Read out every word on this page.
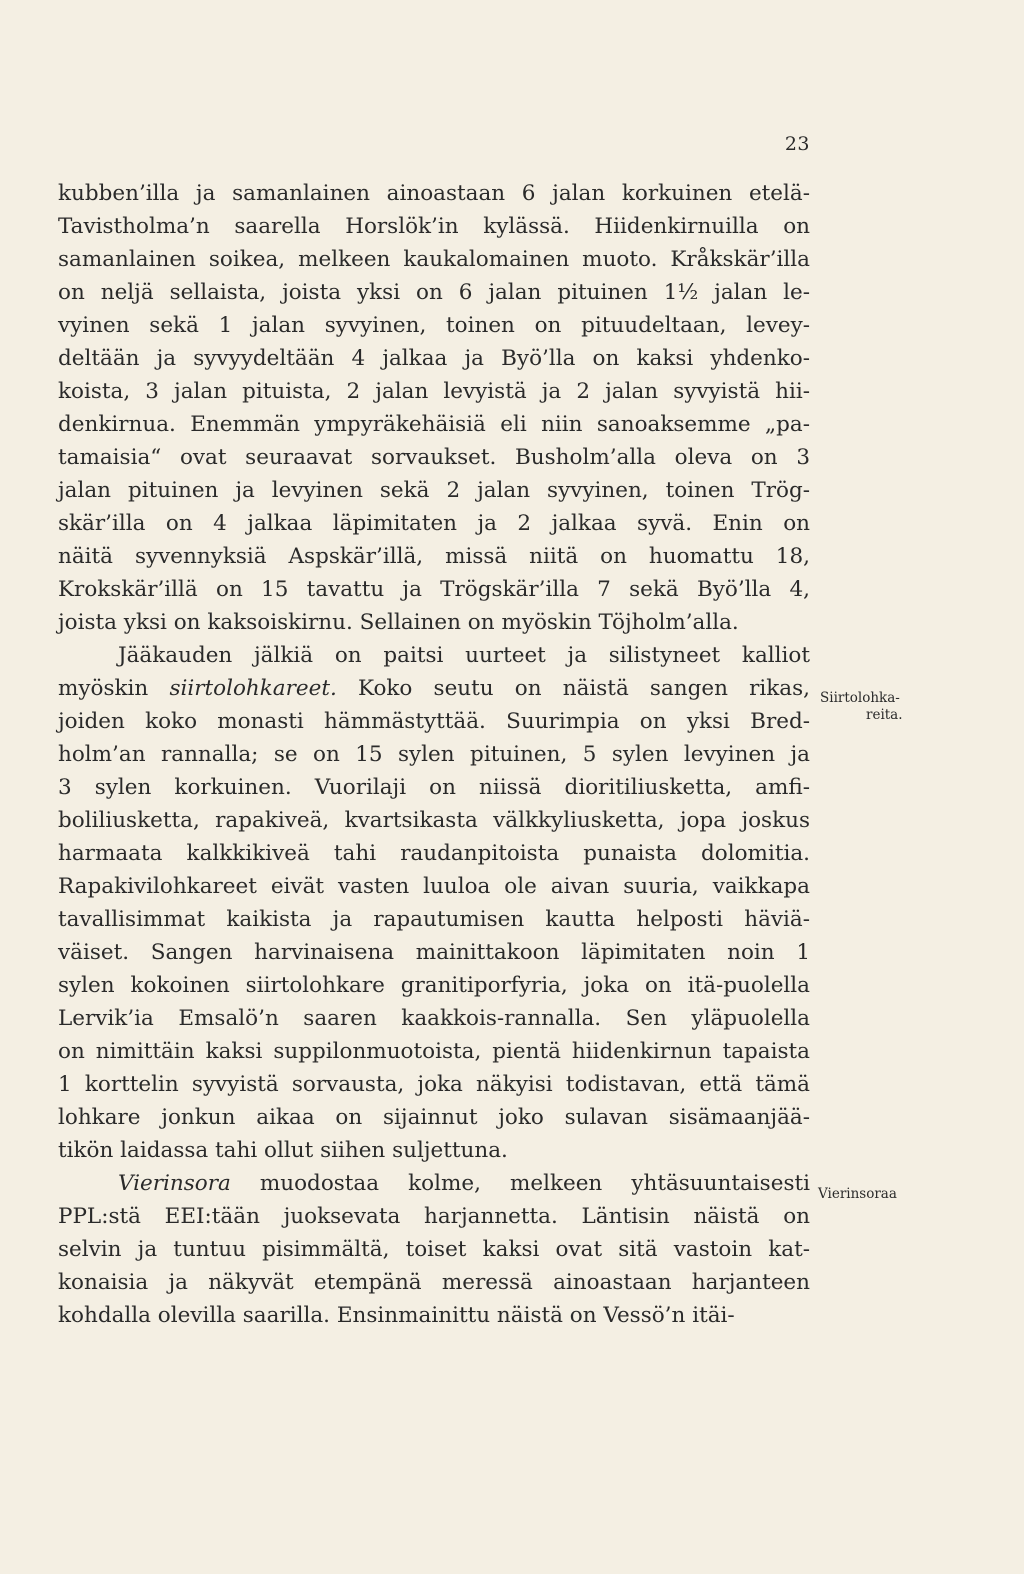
23
kubben’illa ja samanlainen ainoastaan 6 jalan korkuinen etelä-
Tavistholma’n saarella Horslök’in kylässä. Hiidenkirnuilla on
samanlainen soikea, melkeen kaukalomainen muoto. Kråkskär’illa
on neljä sellaista, joista yksi on 6 jalan pituinen 1½ jalan le-
vyinen sekä 1 jalan syvyinen, toinen on pituudeltaan, levey-
deltään ja syvyydeltään 4 jalkaa ja Byö’lla on kaksi yhdenko-
koista, 3 jalan pituista, 2 jalan levyistä ja 2 jalan syvyistä hii-
denkirnua. Enemmän ympyräkehäisiä eli niin sanoaksemme „pa-
tamaisia“ ovat seuraavat sorvaukset. Busholm’alla oleva on 3
jalan pituinen ja levyinen sekä 2 jalan syvyinen, toinen Trög-
skär’illa on 4 jalkaa läpimitaten ja 2 jalkaa syvä. Enin on
näitä syvennyksiä Aspskär’illä, missä niitä on huomattu 18,
Krokskär’illä on 15 tavattu ja Trögskär’illa 7 sekä Byö’lla 4,
joista yksi on kaksoiskirnu. Sellainen on myöskin Töjholm’alla.
Jääkauden jälkiä on paitsi uurteet ja silistyneet kalliot
myöskin siirtolohkareet. Koko seutu on näistä sangen rikas,
joiden koko monasti hämmästyttää. Suurimpia on yksi Bred-
holm’an rannalla; se on 15 sylen pituinen, 5 sylen levyinen ja
3 sylen korkuinen. Vuorilaji on niissä dioritiliusketta, amfi-
boliliusketta, rapakiveä, kvartsikasta välkkyliusketta, jopa joskus
harmaata kalkkikiveä tahi raudanpitoista punaista dolomitia.
Rapakivilohkareet eivät vasten luuloa ole aivan suuria, vaikkapa
tavallisimmat kaikista ja rapautumisen kautta helposti häviä-
väiset. Sangen harvinaisena mainittakoon läpimitaten noin 1
sylen kokoinen siirtolohkare granitiporfyria, joka on itä-puolella
Lervik’ia Emsalö’n saaren kaakkois-rannalla. Sen yläpuolella
on nimittäin kaksi suppilonmuotoista, pientä hiidenkirnun tapaista
1 korttelin syvyistä sorvausta, joka näkyisi todistavan, että tämä
lohkare jonkun aikaa on sijainnut joko sulavan sisämaanjää-
tikön laidassa tahi ollut siihen suljettuna.
Vierinsora muodostaa kolme, melkeen yhtäsuuntaisesti
PPL:stä EEI:tään juoksevata harjannetta. Läntisin näistä on
selvin ja tuntuu pisimmältä, toiset kaksi ovat sitä vastoin kat-
konaisia ja näkyvät etempänä meressä ainoastaan harjanteen
kohdalla olevilla saarilla. Ensinmainittu näistä on Vessö’n itäi-
Siirtolohka-
reita.
Vierinsoraa
